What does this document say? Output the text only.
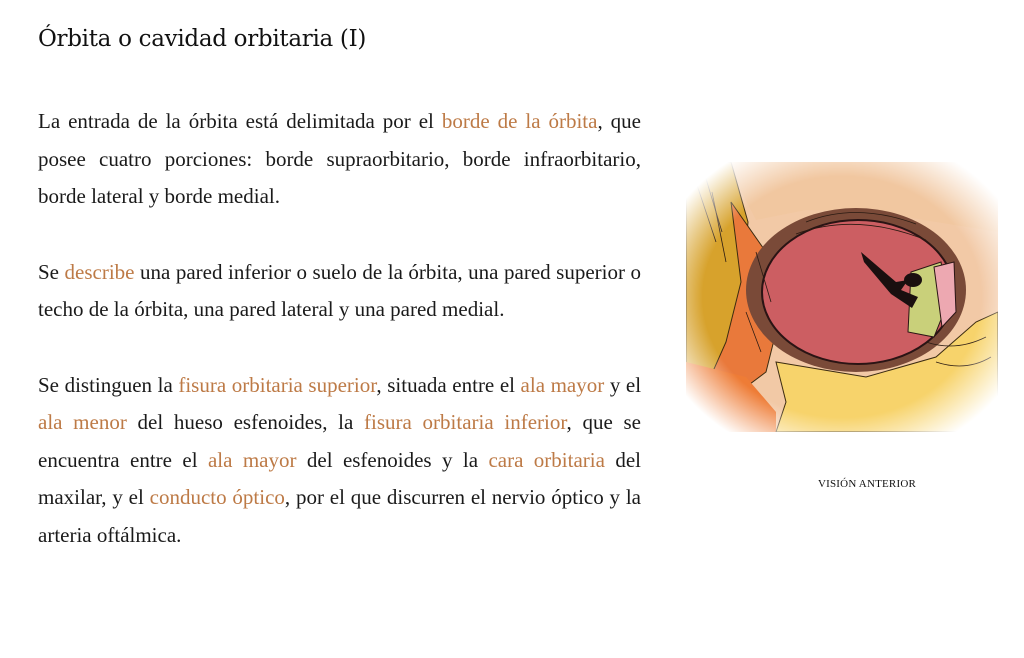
Órbita o cavidad orbitaria (I)

La entrada de la órbita está delimitada por el borde de la órbita, que posee cuatro porciones: borde supraorbitario, borde infraorbitario, borde lateral y borde medial.

Se describe una pared inferior o suelo de la órbita, una pared superior o techo de la órbita, una pared lateral y una pared medial.

Se distinguen la fisura orbitaria superior, situada entre el ala mayor y el ala menor del hueso esfenoides, la fisura orbitaria inferior, que se encuentra entre el ala mayor del esfenoides y la cara orbitaria del maxilar, y el conducto óptico, por el que discurren el nervio óptico y la arteria oftálmica.

VISIÓN ANTERIOR
